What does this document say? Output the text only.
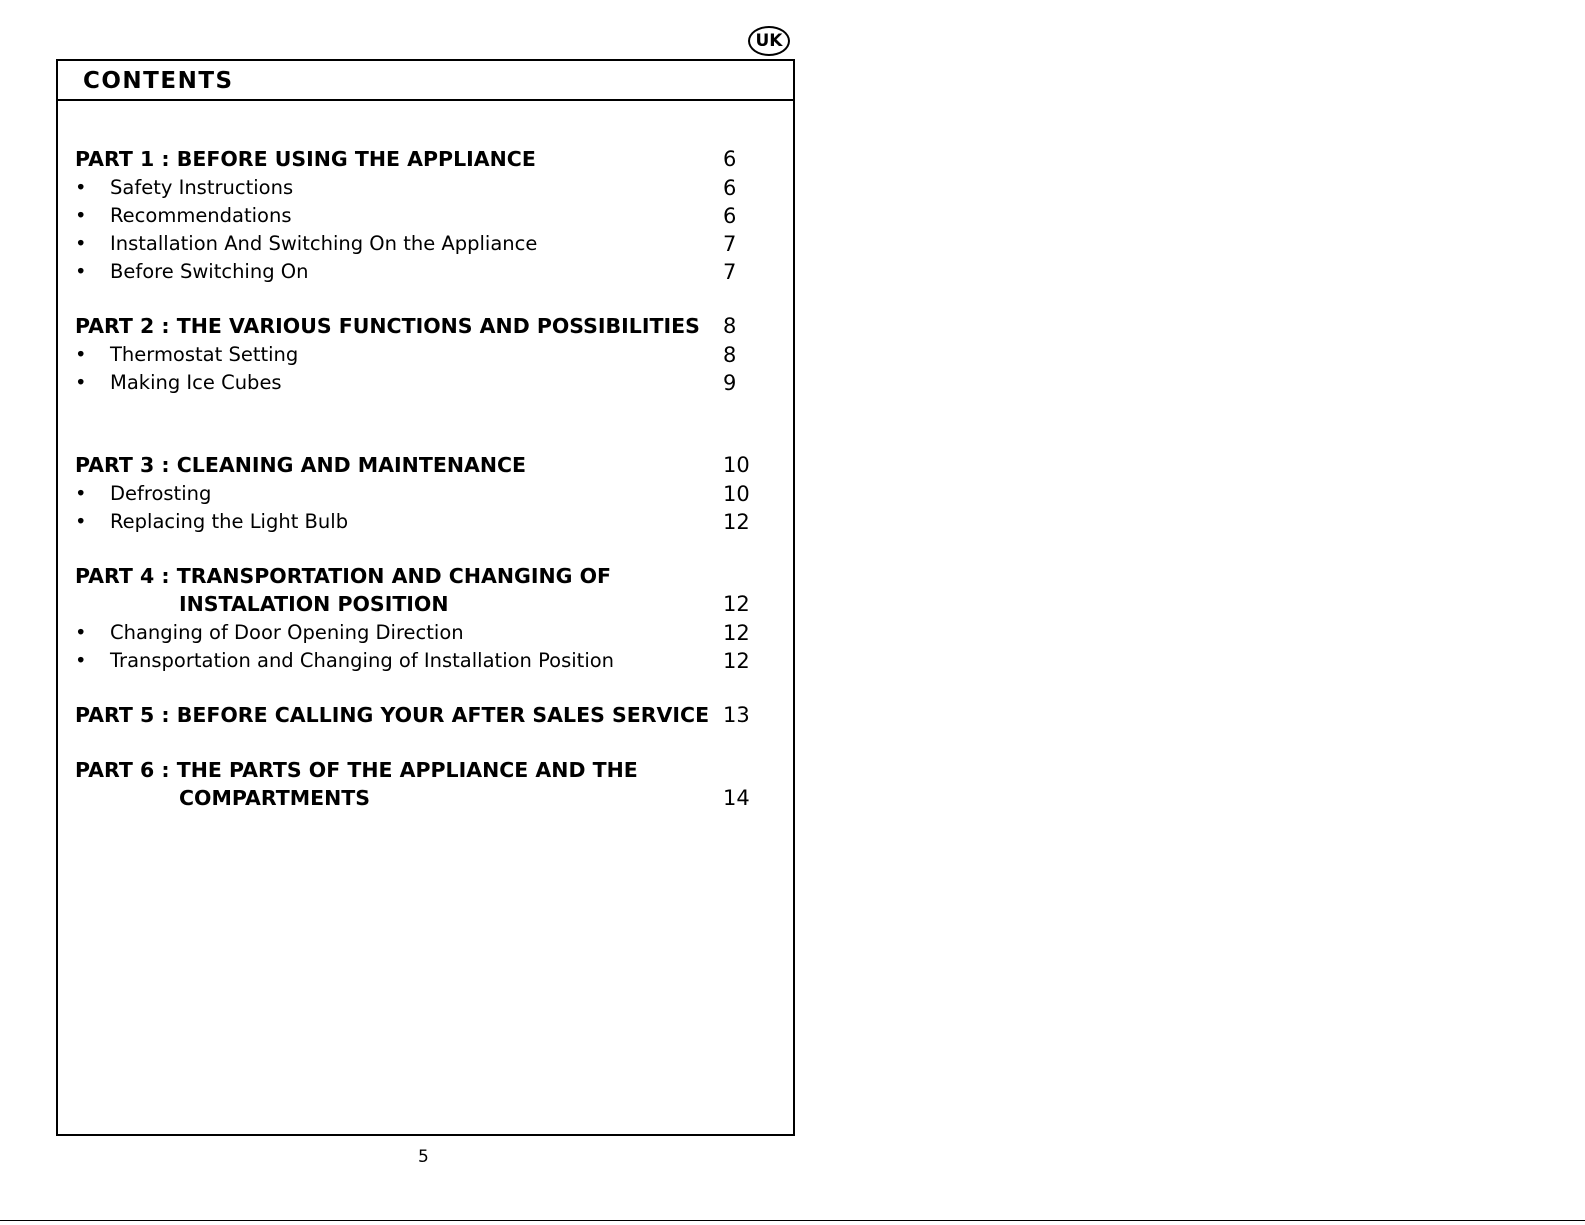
UK
CONTENTS
PART 1 : BEFORE USING THE APPLIANCE	6
• Safety Instructions	6
• Recommendations	6
• Installation And Switching On the Appliance	7
• Before Switching On	7
PART 2 : THE VARIOUS FUNCTIONS AND POSSIBILITIES 8
• Thermostat Setting	8
• Making Ice Cubes	9
PART 3 : CLEANING AND MAINTENANCE	10
• Defrosting	10
• Replacing the Light Bulb	12
PART 4 : TRANSPORTATION AND CHANGING OF
INSTALATION POSITION	12
• Changing of Door Opening Direction	12
• Transportation and Changing of Installation Position	12
PART 5 : BEFORE CALLING YOUR AFTER SALES SERVICE 13
PART 6 : THE PARTS OF THE APPLIANCE AND THE
COMPARTMENTS	14
5
